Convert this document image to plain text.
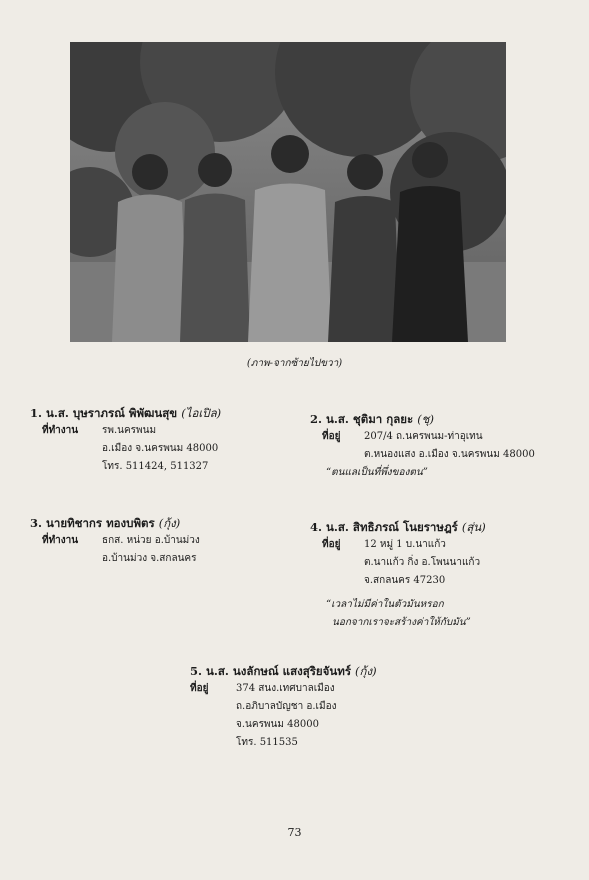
(ภาพ-จากซ้ายไปขวา)
1. น.ส. บุษราภรณ์ พิพัฒนสุข (ไอเปิล)
ที่ทำงาน	รพ.นครพนม
อ.เมือง จ.นครพนม 48000
โทร. 511424, 511327
2. น.ส. ชุติมา กุลยะ (ชุ)
ที่อยู่	207/4 ถ.นครพนม-ท่าอุเทน
ต.หนองแสง อ.เมือง จ.นครพนม 48000
“ตนแลเป็นที่พึ่งของตน”
3. นายทิชากร ทองบพิตร (กุ้ง)
ที่ทำงาน	ธกส. หน่วย อ.บ้านม่วง
อ.บ้านม่วง จ.สกลนคร
4. น.ส. สิทธิภรณ์ โนยราษฎร์ (สุ่น)
ที่อยู่	12 หมู่ 1 บ.นาแก้ว
ต.นาแก้ว กิ่ง อ.โพนนาแก้ว
จ.สกลนคร 47230
“เวลาไม่มีค่าในตัวมันหรอก
นอกจากเราจะสร้างค่าให้กับมัน”
5. น.ส. นงลักษณ์ แสงสุริยจันทร์ (กุ้ง)
ที่อยู่	374 สนง.เทศบาลเมือง
ถ.อภิบาลบัญชา อ.เมือง
จ.นครพนม 48000
โทร. 511535
73
